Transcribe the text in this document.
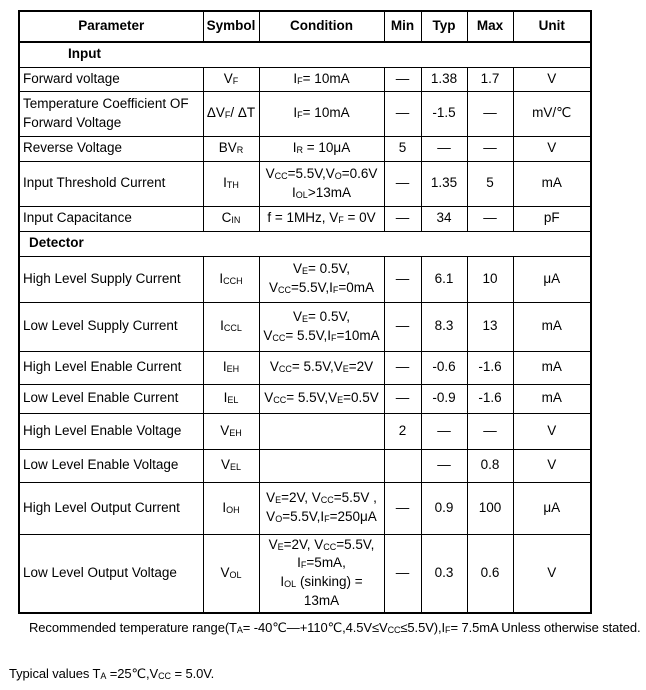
Parameter	Symbol	Condition	Min	Typ	Max	Unit
Input						
Forward voltage	$V_F$	$I_F= 10mA$	—	1.38	1.7	V
Temperature Coefficient OF
Forward Voltage	$\Delta V_F/$ ΔT	$I_F= 10mA$	—	-1.5	—	mV/℃
Reverse Voltage	$BV_R$	$I_R = 10\mu A$	5	—	—	V
Input Threshold Current	$I_{TH}$	$V_{CC}=5.5V,V_O=0.6V$
$I_{OL}>13mA$	—	1.35	5	mA
Input Capacitance	$C_{IN}$	f = 1MHz, $V_F = 0V$	—	34	—	pF
Detector						
High Level Supply Current	$I_{CCH}$	$V_E= 0.5V$,
$V_{CC}=5.5V,I_F=0mA$	—	6.1	10	μA
Low Level Supply Current	$I_{CCL}$	$V_E= 0.5V$,
$V_{CC}= 5.5V,I_F=10mA$	—	8.3	13	mA
High Level Enable Current	$I_{EH}$	$V_{CC}= 5.5V,V_E=2V$	—	-0.6	-1.6	mA
Low Level Enable Current	$I_{EL}$	$V_{CC}= 5.5V,V_E=0.5V$	—	-0.9	-1.6	mA
High Level Enable Voltage	$V_{EH}$		2	—	—	V
Low Level Enable Voltage	$V_{EL}$			—	0.8	V
High Level Output Current	$I_{OH}$	$V_E=2V$, $V_{CC}=5.5V$ ,
$V_O=5.5V,I_F=250\mu A$	—	0.9	100	μA
Low Level Output Voltage	$V_{OL}$	$V_E=2V$, $V_{CC}=5.5V$,
$I_F=5mA$,
$I_{OL}$ (sinking) = 13mA	—	0.3	0.6	V

Recommended temperature $range(T_A=$ $-40℃—+110℃,4.5V\le V_{CC}\le 5.5V),I_F= 7.5mA$ Unless otherwise stated.

Typical values $T_A$ $=25℃,V_{CC} = 5.0V$.
